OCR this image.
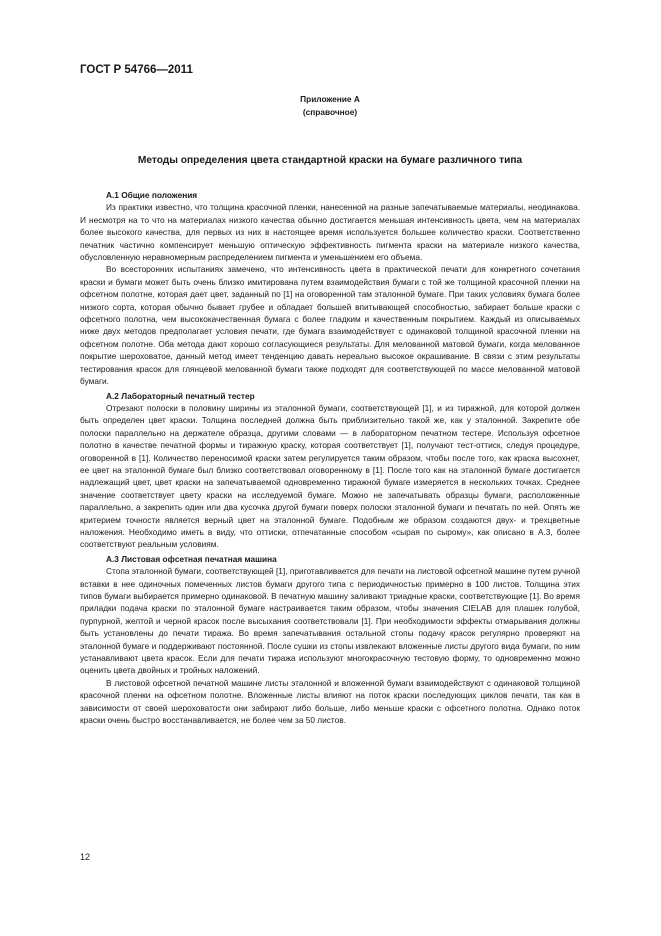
ГОСТ Р 54766—2011
Приложение А
(справочное)
Методы определения цвета стандартной краски на бумаге различного типа

А.1 Общие положения

Из практики известно, что толщина красочной пленки, нанесенной на разные запечатываемые материалы, неодинакова. И несмотря на то что на материалах низкого качества обычно достигается меньшая интенсивность цвета, чем на материалах более высокого качества, для первых из них в настоящее время используется большее количество краски. Соответственно печатник частично компенсирует меньшую оптическую эффективность пигмента краски на материале низкого качества, обусловленную неравномерным распределением пигмента и уменьшением его объема.

Во всесторонних испытаниях замечено, что интенсивность цвета в практической печати для конкретного сочетания краски и бумаги может быть очень близко имитирована путем взаимодействия бумаги с той же толщиной красочной пленки на офсетном полотне, которая дает цвет, заданный по [1] на оговоренной там эталонной бумаге. При таких условиях бумага более низкого сорта, которая обычно бывает грубее и обладает большей впитывающей способностью, забирает больше краски с офсетного полотна, чем высококачественная бумага с более гладким и качественным покрытием. Каждый из описываемых ниже двух методов предполагает условия печати, где бумага взаимодействует с одинаковой толщиной красочной пленки на офсетном полотне. Оба метода дают хорошо согласующиеся результаты. Для мелованной матовой бумаги, когда мелованное покрытие шероховатое, данный метод имеет тенденцию давать нереально высокое окрашивание. В связи с этим результаты тестирования красок для глянцевой мелованной бумаги также подходят для соответствующей по массе мелованной матовой бумаги.

А.2 Лабораторный печатный тестер

Отрезают полоски в половину ширины из эталонной бумаги, соответствующей [1], и из тиражной, для которой должен быть определен цвет краски. Толщина последней должна быть приблизительно такой же, как у эталонной. Закрепите обе полоски параллельно на держателе образца, другими словами — в лабораторном печатном тестере. Используя офсетное полотно в качестве печатной формы и тиражную краску, которая соответствует [1], получают тест-оттиск, следуя процедуре, оговоренной в [1]. Количество переносимой краски затем регулируется таким образом, чтобы после того, как краска высохнет, ее цвет на эталонной бумаге был близко соответствовал оговоренному в [1]. После того как на эталонной бумаге достигается надлежащий цвет, цвет краски на запечатываемой одновременно тиражной бумаге измеряется в нескольких точках. Среднее значение соответствует цвету краски на исследуемой бумаге. Можно не запечатывать образцы бумаги, расположенные параллельно, а закрепить один или два кусочка другой бумаги поверх полоски эталонной бумаги и печатать по ней. Опять же критерием точности является верный цвет на эталонной бумаге. Подобным же образом создаются двух- и трехцветные наложения. Необходимо иметь в виду, что оттиски, отпечатанные способом «сырая по сырому», как описано в А.3, более соответствуют реальным условиям.

А.3 Листовая офсетная печатная машина

Стопа эталонной бумаги, соответствующей [1], приготавливается для печати на листовой офсетной машине путем ручной вставки в нее одиночных помеченных листов бумаги другого типа с периодичностью примерно в 100 листов. Толщина этих типов бумаги выбирается примерно одинаковой. В печатную машину заливают триадные краски, соответствующие [1]. Во время приладки подача краски по эталонной бумаге настраивается таким образом, чтобы значения CIELAB для плашек голубой, пурпурной, желтой и черной красок после высыхания соответствовали [1]. При необходимости эффекты отмарывания должны быть установлены до печати тиража. Во время запечатывания остальной стопы подачу красок регулярно проверяют на эталонной бумаге и поддерживают постоянной. После сушки из стопы извлекают вложенные листы другого вида бумаги, по ним устанавливают цвета красок. Если для печати тиража используют многокрасочную тестовую форму, то одновременно можно оценить цвета двойных и тройных наложений.

В листовой офсетной печатной машине листы эталонной и вложенной бумаги взаимодействуют с одинаковой толщиной красочной пленки на офсетном полотне. Вложенные листы влияют на поток краски последующих циклов печати, так как в зависимости от своей шероховатости они забирают либо больше, либо меньше краски с офсетного полотна. Однако поток краски очень быстро восстанавливается, не более чем за 50 листов.

12
